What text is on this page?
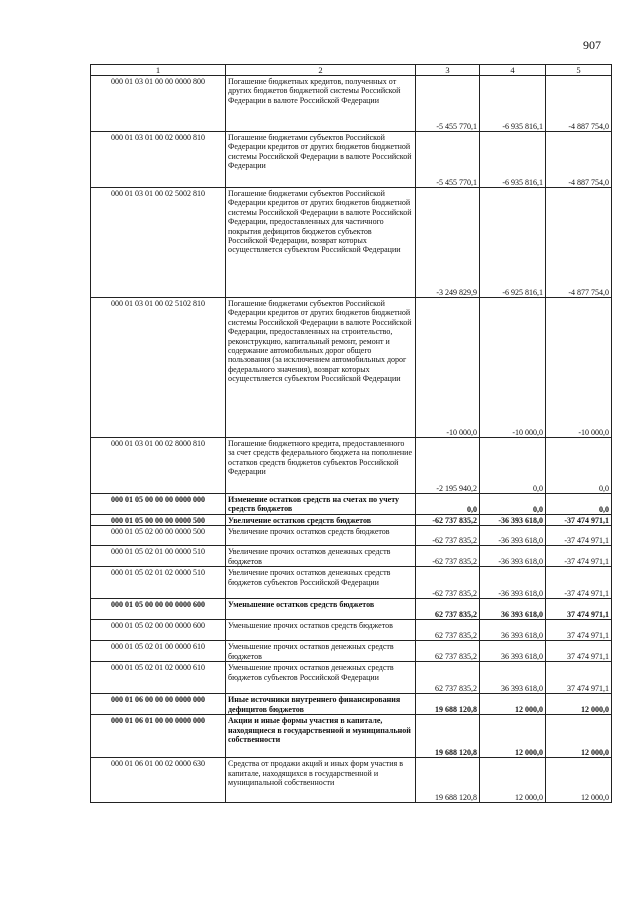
907
1	2	3	4	5
000 01 03 01 00 00 0000 800	Погашение бюджетных кредитов, полученных от других бюджетов бюджетной системы Российской Федерации в валюте Российской Федерации	-5 455 770,1	-6 935 816,1	-4 887 754,0
000 01 03 01 00 02 0000 810	Погашение бюджетами субъектов Российской Федерации кредитов от других бюджетов бюджетной системы Российской Федерации в валюте Российской Федерации	-5 455 770,1	-6 935 816,1	-4 887 754,0
000 01 03 01 00 02 5002 810	Погашение бюджетами субъектов Российской Федерации кредитов от других бюджетов бюджетной системы Российской Федерации в валюте Российской Федерации, предоставленных для частичного покрытия дефицитов бюджетов субъектов Российской Федерации, возврат которых осуществляется субъектом Российской Федерации	-3 249 829,9	-6 925 816,1	-4 877 754,0
000 01 03 01 00 02 5102 810	Погашение бюджетами субъектов Российской Федерации кредитов от других бюджетов бюджетной системы Российской Федерации в валюте Российской Федерации, предоставленных на строительство, реконструкцию, капитальный ремонт, ремонт и содержание автомобильных дорог общего пользования (за исключением автомобильных дорог федерального значения), возврат которых осуществляется субъектом Российской Федерации	-10 000,0	-10 000,0	-10 000,0
000 01 03 01 00 02 8000 810	Погашение бюджетного кредита, предоставленного за счет средств федерального бюджета на пополнение остатков средств бюджетов субъектов Российской Федерации	-2 195 940,2	0,0	0,0
000 01 05 00 00 00 0000 000	Изменение остатков средств на счетах по учету средств бюджетов	0,0	0,0	0,0
000 01 05 00 00 00 0000 500	Увеличение остатков средств бюджетов	-62 737 835,2	-36 393 618,0	-37 474 971,1
000 01 05 02 00 00 0000 500	Увеличение прочих остатков средств бюджетов	-62 737 835,2	-36 393 618,0	-37 474 971,1
000 01 05 02 01 00 0000 510	Увеличение прочих остатков денежных средств бюджетов	-62 737 835,2	-36 393 618,0	-37 474 971,1
000 01 05 02 01 02 0000 510	Увеличение прочих остатков денежных средств бюджетов субъектов Российской Федерации	-62 737 835,2	-36 393 618,0	-37 474 971,1
000 01 05 00 00 00 0000 600	Уменьшение остатков средств бюджетов	62 737 835,2	36 393 618,0	37 474 971,1
000 01 05 02 00 00 0000 600	Уменьшение прочих остатков средств бюджетов	62 737 835,2	36 393 618,0	37 474 971,1
000 01 05 02 01 00 0000 610	Уменьшение прочих остатков денежных средств бюджетов	62 737 835,2	36 393 618,0	37 474 971,1
000 01 05 02 01 02 0000 610	Уменьшение прочих остатков денежных средств бюджетов субъектов Российской Федерации	62 737 835,2	36 393 618,0	37 474 971,1
000 01 06 00 00 00 0000 000	Иные источники внутреннего финансирования дефицитов бюджетов	19 688 120,8	12 000,0	12 000,0
000 01 06 01 00 00 0000 000	Акции и иные формы участия в капитале, находящиеся в государственной и муниципальной собственности	19 688 120,8	12 000,0	12 000,0
000 01 06 01 00 02 0000 630	Средства от продажи акций и иных форм участия в капитале, находящихся в государственной и муниципальной собственности	19 688 120,8	12 000,0	12 000,0
